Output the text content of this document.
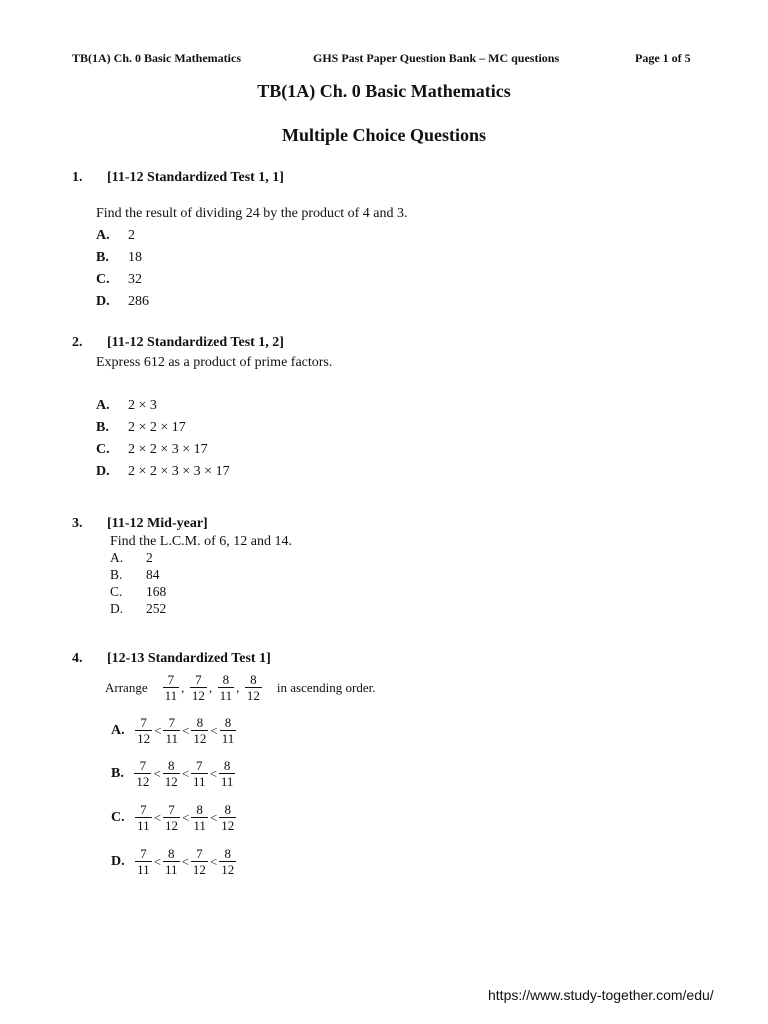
TB(1A) Ch. 0 Basic Mathematics	GHS Past Paper Question Bank – MC questions	Page 1 of 5
TB(1A) Ch. 0 Basic Mathematics
Multiple Choice Questions
1. [11-12 Standardized Test 1, 1]
Find the result of dividing 24 by the product of 4 and 3.
A. 2
B. 18
C. 32
D. 286
2. [11-12 Standardized Test 1, 2]
Express 612 as a product of prime factors.
A. 2 × 3
B. 2 × 2 × 17
C. 2 × 2 × 3 × 17
D. 2 × 2 × 3 × 3 × 17
3. [11-12 Mid-year]
Find the L.C.M. of 6, 12 and 14.
A. 2
B. 84
C. 168
D. 252
4. [12-13 Standardized Test 1]
Arrange $\frac{7}{11}$ , $\frac{7}{12}$ , $\frac{8}{11}$ , $\frac{8}{12}$ in ascending order.
A. $\frac{7}{12} < \frac{7}{11} < \frac{8}{12} < \frac{8}{11}$
B. $\frac{7}{12} < \frac{8}{12} < \frac{7}{11} < \frac{8}{11}$
C. $\frac{7}{11} < \frac{7}{12} < \frac{8}{11} < \frac{8}{12}$
D. $\frac{7}{11} < \frac{8}{11} < \frac{7}{12} < \frac{8}{12}$
https://www.study-together.com/edu/
